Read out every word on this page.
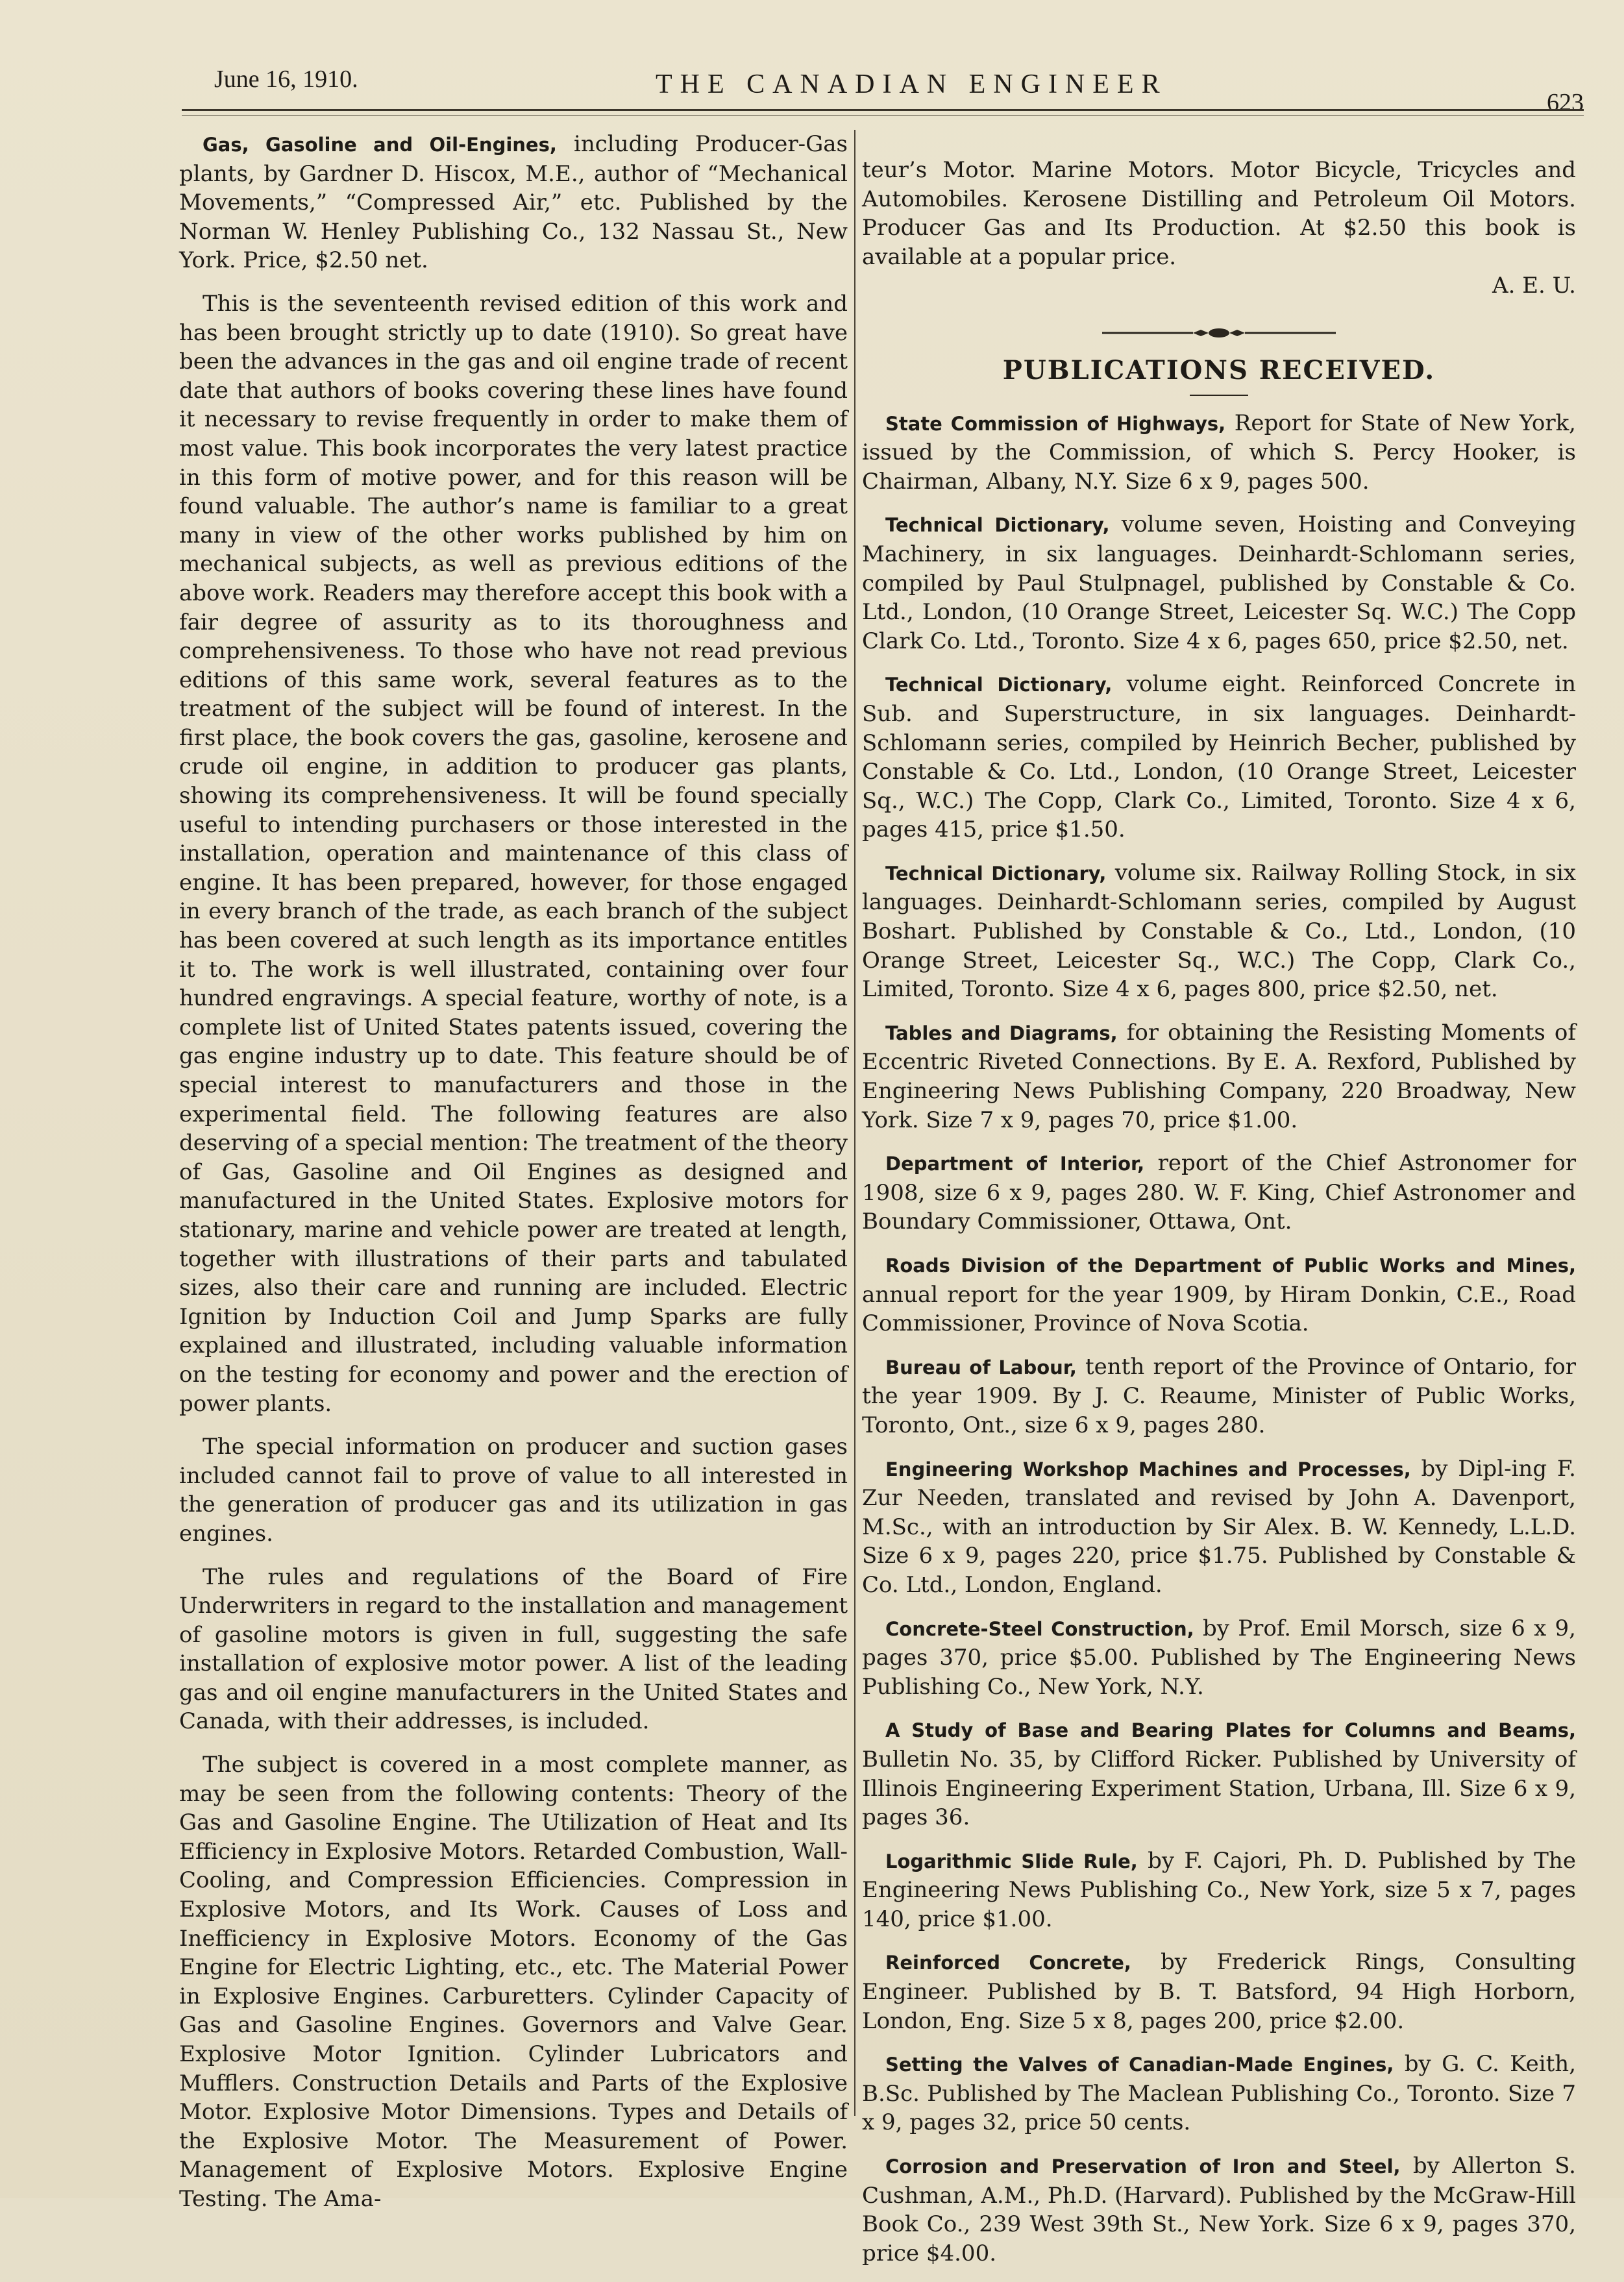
June 16, 1910.	THE CANADIAN ENGINEER
623

Gas, Gasoline and Oil-Engines, including Producer-Gas plants, by Gardner D. Hiscox, M.E., author of “Mechanical Movements,” “Compressed Air,” etc. Published by the Norman W. Henley Publishing Co., 132 Nassau St., New York. Price, $2.50 net.

This is the seventeenth revised edition of this work and has been brought strictly up to date (1910). So great have been the advances in the gas and oil engine trade of recent date that authors of books covering these lines have found it necessary to revise frequently in order to make them of most value. This book incorporates the very latest practice in this form of motive power, and for this reason will be found valuable. The author’s name is familiar to a great many in view of the other works published by him on mechanical subjects, as well as previous editions of the above work. Readers may therefore accept this book with a fair degree of assurity as to its thoroughness and comprehensiveness. To those who have not read previous editions of this same work, several features as to the treatment of the subject will be found of interest. In the first place, the book covers the gas, gasoline, kerosene and crude oil engine, in addition to producer gas plants, showing its comprehensiveness. It will be found specially useful to intending purchasers or those interested in the installation, operation and maintenance of this class of engine. It has been prepared, however, for those engaged in every branch of the trade, as each branch of the subject has been covered at such length as its importance entitles it to. The work is well illustrated, containing over four hundred engravings. A special feature, worthy of note, is a complete list of United States patents issued, covering the gas engine industry up to date. This feature should be of special interest to manufacturers and those in the experimental field. The following features are also deserving of a special mention: The treatment of the theory of Gas, Gasoline and Oil Engines as designed and manufactured in the United States. Explosive motors for stationary, marine and vehicle power are treated at length, together with illustrations of their parts and tabulated sizes, also their care and running are included. Electric Ignition by Induction Coil and Jump Sparks are fully explained and illustrated, including valuable information on the testing for economy and power and the erection of power plants.

The special information on producer and suction gases included cannot fail to prove of value to all interested in the generation of producer gas and its utilization in gas engines.

The rules and regulations of the Board of Fire Underwriters in regard to the installation and management of gasoline motors is given in full, suggesting the safe installation of explosive motor power. A list of the leading gas and oil engine manufacturers in the United States and Canada, with their addresses, is included.

The subject is covered in a most complete manner, as may be seen from the following contents: Theory of the Gas and Gasoline Engine. The Utilization of Heat and Its Efficiency in Explosive Motors. Retarded Combustion, Wall-Cooling, and Compression Efficiencies. Compression in Explosive Motors, and Its Work. Causes of Loss and Inefficiency in Explosive Motors. Economy of the Gas Engine for Electric Lighting, etc., etc. The Material Power in Explosive Engines. Carburetters. Cylinder Capacity of Gas and Gasoline Engines. Governors and Valve Gear. Explosive Motor Ignition. Cylinder Lubricators and Mufflers. Construction Details and Parts of the Explosive Motor. Explosive Motor Dimensions. Types and Details of the Explosive Motor. The Measurement of Power. Management of Explosive Motors. Explosive Engine Testing. The Ama-

teur’s Motor. Marine Motors. Motor Bicycle, Tricycles and Automobiles. Kerosene Distilling and Petroleum Oil Motors. Producer Gas and Its Production. At $2.50 this book is available at a popular price.

A. E. U.

PUBLICATIONS RECEIVED.

State Commission of Highways, Report for State of New York, issued by the Commission, of which S. Percy Hooker, is Chairman, Albany, N.Y. Size 6 x 9, pages 500.

Technical Dictionary, volume seven, Hoisting and Conveying Machinery, in six languages. Deinhardt-Schlomann series, compiled by Paul Stulpnagel, published by Constable & Co. Ltd., London, (10 Orange Street, Leicester Sq. W.C.) The Copp Clark Co. Ltd., Toronto. Size 4 x 6, pages 650, price $2.50, net.

Technical Dictionary, volume eight. Reinforced Concrete in Sub. and Superstructure, in six languages. Deinhardt-Schlomann series, compiled by Heinrich Becher, published by Constable & Co. Ltd., London, (10 Orange Street, Leicester Sq., W.C.) The Copp, Clark Co., Limited, Toronto. Size 4 x 6, pages 415, price $1.50.

Technical Dictionary, volume six. Railway Rolling Stock, in six languages. Deinhardt-Schlomann series, compiled by August Boshart. Published by Constable & Co., Ltd., London, (10 Orange Street, Leicester Sq., W.C.) The Copp, Clark Co., Limited, Toronto. Size 4 x 6, pages 800, price $2.50, net.

Tables and Diagrams, for obtaining the Resisting Moments of Eccentric Riveted Connections. By E. A. Rexford, Published by Engineering News Publishing Company, 220 Broadway, New York. Size 7 x 9, pages 70, price $1.00.

Department of Interior, report of the Chief Astronomer for 1908, size 6 x 9, pages 280. W. F. King, Chief Astronomer and Boundary Commissioner, Ottawa, Ont.

Roads Division of the Department of Public Works and Mines, annual report for the year 1909, by Hiram Donkin, C.E., Road Commissioner, Province of Nova Scotia.

Bureau of Labour, tenth report of the Province of Ontario, for the year 1909. By J. C. Reaume, Minister of Public Works, Toronto, Ont., size 6 x 9, pages 280.

Engineering Workshop Machines and Processes, by Dipl-ing F. Zur Needen, translated and revised by John A. Davenport, M.Sc., with an introduction by Sir Alex. B. W. Kennedy, L.L.D. Size 6 x 9, pages 220, price $1.75. Published by Constable & Co. Ltd., London, England.

Concrete-Steel Construction, by Prof. Emil Morsch, size 6 x 9, pages 370, price $5.00. Published by The Engineering News Publishing Co., New York, N.Y.

A Study of Base and Bearing Plates for Columns and Beams, Bulletin No. 35, by Clifford Ricker. Published by University of Illinois Engineering Experiment Station, Urbana, Ill. Size 6 x 9, pages 36.

Logarithmic Slide Rule, by F. Cajori, Ph. D. Published by The Engineering News Publishing Co., New York, size 5 x 7, pages 140, price $1.00.

Reinforced Concrete, by Frederick Rings, Consulting Engineer. Published by B. T. Batsford, 94 High Horborn, London, Eng. Size 5 x 8, pages 200, price $2.00.

Setting the Valves of Canadian-Made Engines, by G. C. Keith, B.Sc. Published by The Maclean Publishing Co., Toronto. Size 7 x 9, pages 32, price 50 cents.

Corrosion and Preservation of Iron and Steel, by Allerton S. Cushman, A.M., Ph.D. (Harvard). Published by the McGraw-Hill Book Co., 239 West 39th St., New York. Size 6 x 9, pages 370, price $4.00.
